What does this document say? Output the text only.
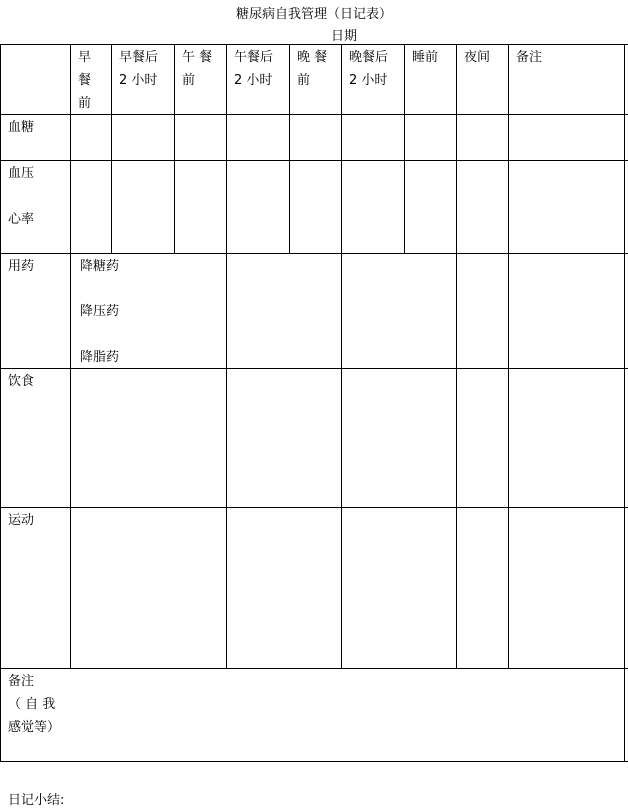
糖尿病自我管理（日记表）
日期
早
餐
前
早餐后
2 小时
午 餐
前
午餐后
2 小时
晚 餐
前
晚餐后
2 小时
睡前 夜间 备注
血糖
血压
心率
用药
饮食
运动
备注
（ 自 我
感觉等）
降糖药
降压药
降脂药
日记小结:
